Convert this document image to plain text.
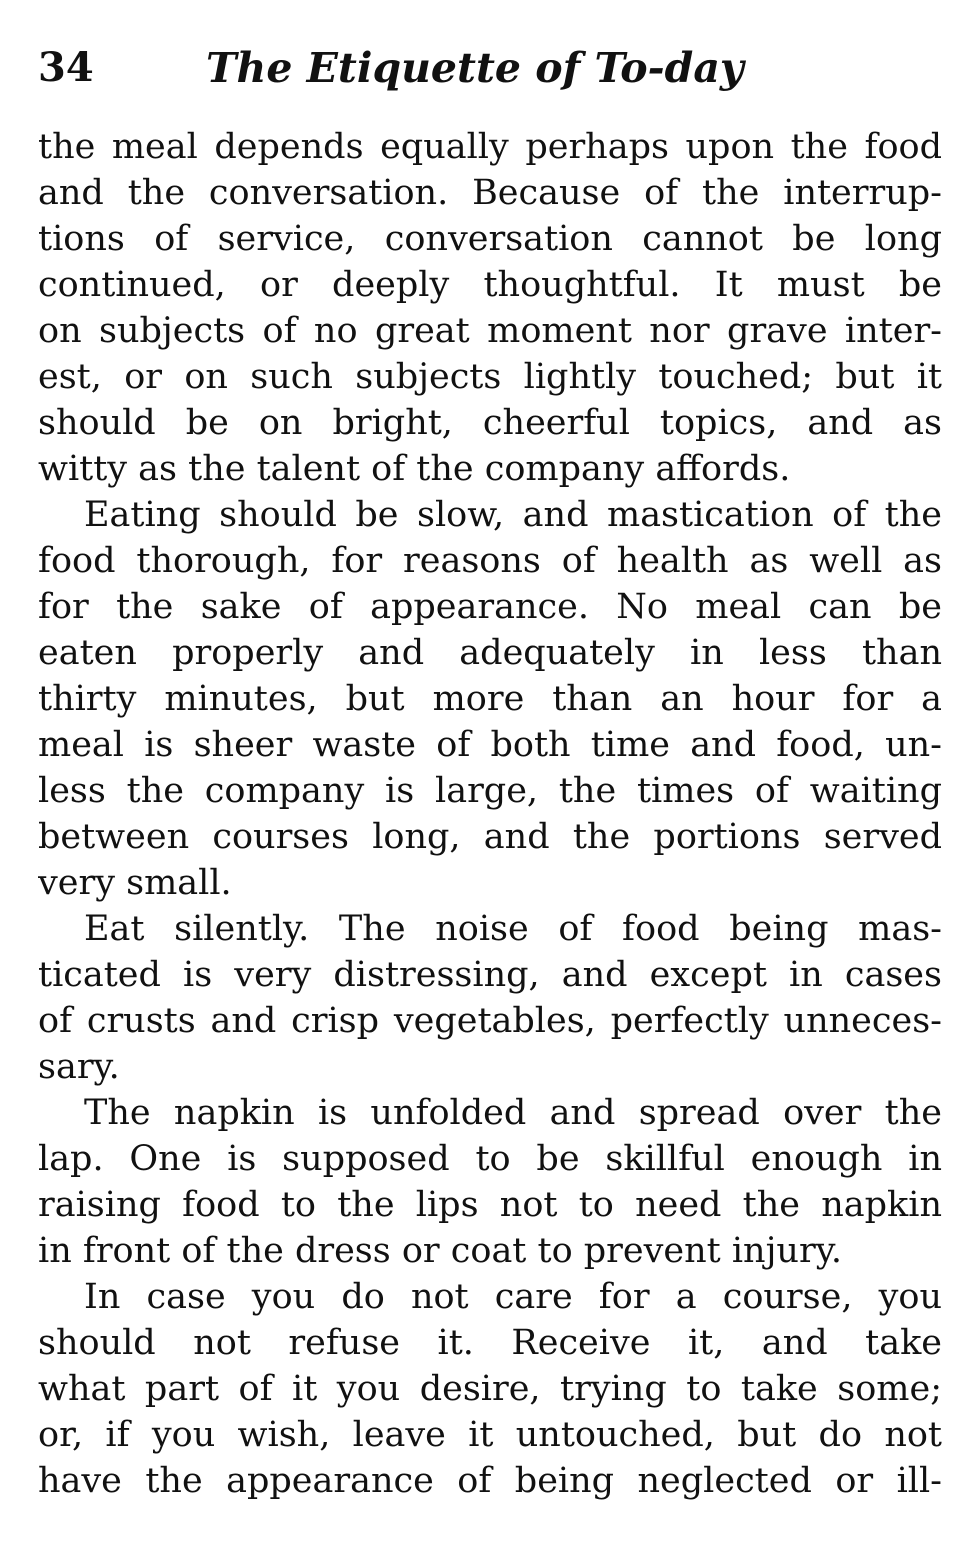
34	The Etiquette of To-day
the meal depends equally perhaps upon the food
and the conversation. Because of the interrup-
tions of service, conversation cannot be long
continued, or deeply thoughtful. It must be
on subjects of no great moment nor grave inter-
est, or on such subjects lightly touched; but it
should be on bright, cheerful topics, and as
witty as the talent of the company affords.
Eating should be slow, and mastication of the
food thorough, for reasons of health as well as
for the sake of appearance. No meal can be
eaten properly and adequately in less than
thirty minutes, but more than an hour for a
meal is sheer waste of both time and food, un-
less the company is large, the times of waiting
between courses long, and the portions served
very small.
Eat silently. The noise of food being mas-
ticated is very distressing, and except in cases
of crusts and crisp vegetables, perfectly unneces-
sary.
The napkin is unfolded and spread over the
lap. One is supposed to be skillful enough in
raising food to the lips not to need the napkin
in front of the dress or coat to prevent injury.
In case you do not care for a course, you
should not refuse it. Receive it, and take
what part of it you desire, trying to take some;
or, if you wish, leave it untouched, but do not
have the appearance of being neglected or ill-
